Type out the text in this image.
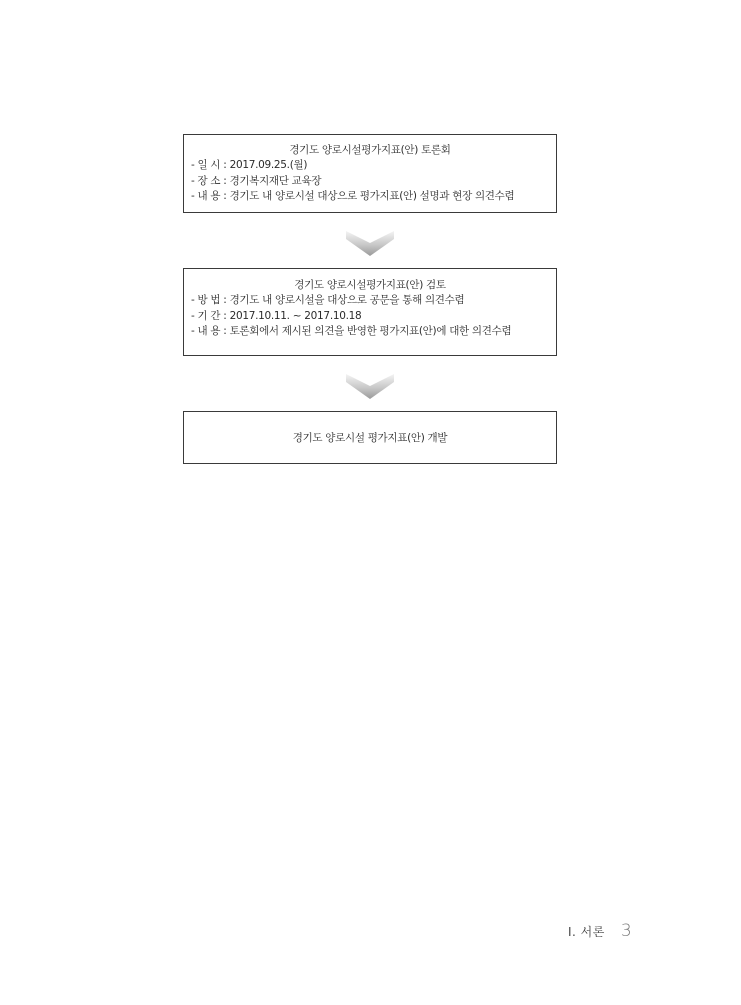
경기도 양로시설평가지표(안) 토론회
- 일 시 : 2017.09.25.(월)
- 장 소 : 경기복지재단 교육장
- 내 용 : 경기도 내 양로시설 대상으로 평가지표(안) 설명과 현장 의견수렴
경기도 양로시설평가지표(안) 검토
- 방 법 : 경기도 내 양로시설을 대상으로 공문을 통해 의견수렴
- 기 간 : 2017.10.11. ~ 2017.10.18
- 내 용 : 토론회에서 제시된 의견을 반영한 평가지표(안)에 대한 의견수렴
경기도 양로시설 평가지표(안) 개발
Ⅰ. 서론 3
